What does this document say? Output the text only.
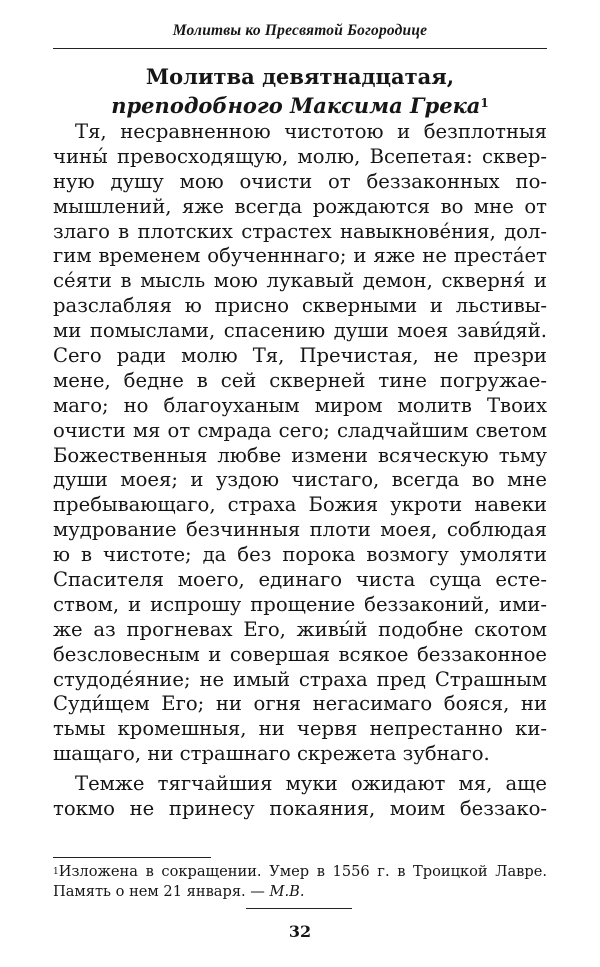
Молитвы ко Пресвятой Богородице
Молитва девятнадцатая,
преподобного Максима Грека$^1$
Тя, несравненною чистотою и безплотныя
чины́ превосходящую, молю, Всепетая: сквер-
ную душу мою очисти от беззаконных по-
мышлений, яже всегда рождаются во мне от
злаго в плотских страстех навыкнове́ния, дол-
гим временем обученннаго; и яже не преста́ет
се́яти в мысль мою лукавый демон, скверня́ и
разслабляя ю присно скверными и льстивы-
ми помыслами, спасению души моея зави́дяй.
Сего ради молю Тя, Пречистая, не презри
мене, бедне в сей скверней тине погружае-
маго; но благоуханым миром молитв Твоих
очисти мя от смрада сего; сладчайшим светом
Божественныя любве измени всяческую тьму
души моея; и уздою чистаго, всегда во мне
пребывающаго, страха Божия укроти навеки
мудрование безчинныя плоти моея, соблюдая
ю в чистоте; да без порока возмогу умоляти
Спасителя моего, единаго чиста суща есте-
ством, и испрошу прощение беззаконий, ими-
же аз прогневах Его, живы́й подобне скотом
безсловесным и совершая всякое беззаконное
студоде́яние; не имый страха пред Страшным
Суди́щем Его; ни огня негасимаго бояся, ни
тьмы кромешныя, ни червя непрестанно ки-
шащаго, ни страшнаго скрежета зубнаго.
Темже тягчайшия муки ожидают мя, аще
токмо не принесу покаяния, моим беззако-
$^1$Изложена в сокращении. Умер в 1556 г. в Троицкой Лавре.
Память о нем 21 января. — М.В.
32
